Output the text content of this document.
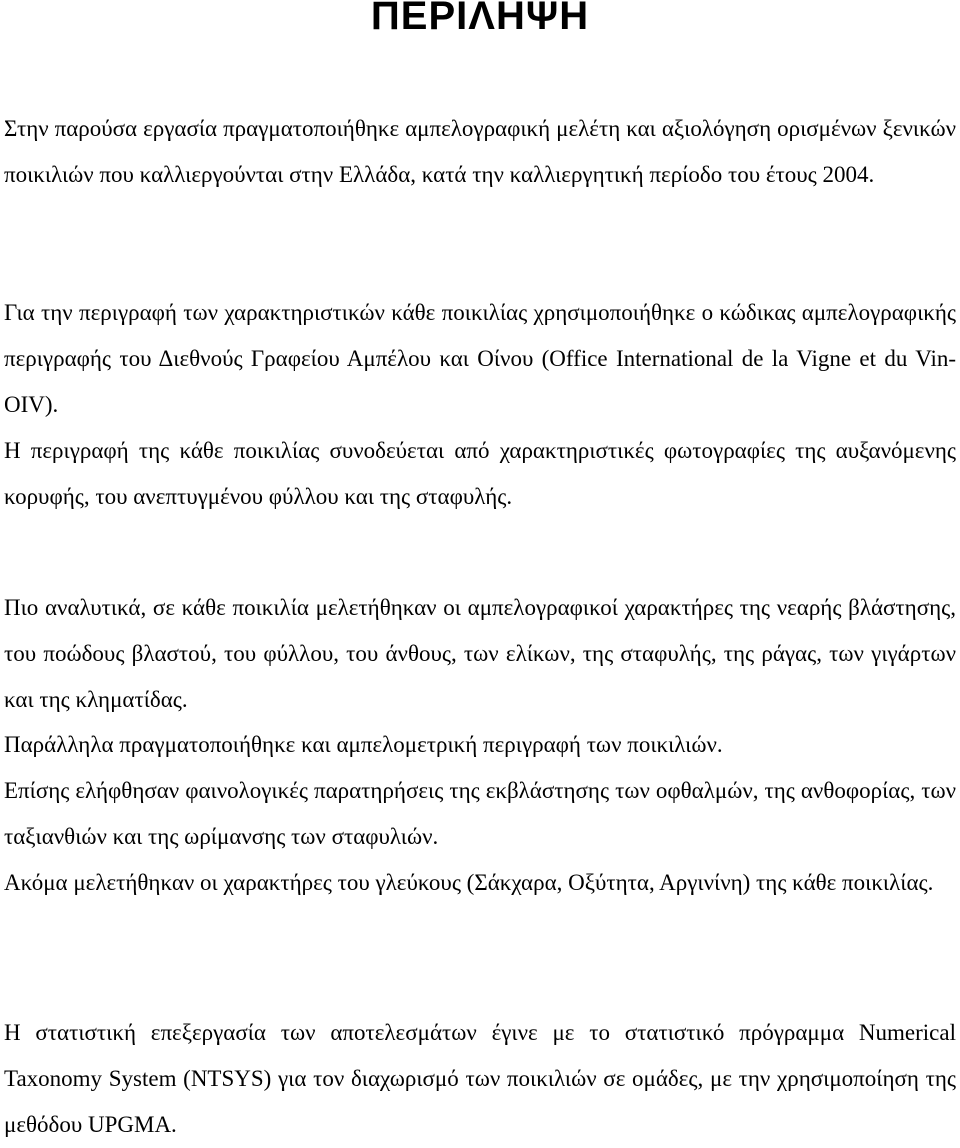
ΠΕΡΙΛΗΨΗ

Στην παρούσα εργασία πραγματοποιήθηκε αμπελογραφική μελέτη και αξιολόγηση ορισμένων ξενικών ποικιλιών που καλλιεργούνται στην Ελλάδα, κατά την καλλιεργητική περίοδο του έτους 2004.

Για την περιγραφή των χαρακτηριστικών κάθε ποικιλίας χρησιμοποιήθηκε ο κώδικας αμπελογραφικής περιγραφής του Διεθνούς Γραφείου Αμπέλου και Οίνου (Office International de la Vigne et du Vin- OIV).

Η περιγραφή της κάθε ποικιλίας συνοδεύεται από χαρακτηριστικές φωτογραφίες της αυξανόμενης κορυφής, του ανεπτυγμένου φύλλου και της σταφυλής.

Πιο αναλυτικά, σε κάθε ποικιλία μελετήθηκαν οι αμπελογραφικοί χαρακτήρες της νεαρής βλάστησης, του ποώδους βλαστού, του φύλλου, του άνθους, των ελίκων, της σταφυλής, της ράγας, των γιγάρτων και της κληματίδας.

Παράλληλα πραγματοποιήθηκε και αμπελομετρική περιγραφή των ποικιλιών.

Επίσης ελήφθησαν φαινολογικές παρατηρήσεις της εκβλάστησης των οφθαλμών, της ανθοφορίας, των ταξιανθιών και της ωρίμανσης των σταφυλιών.

Ακόμα μελετήθηκαν οι χαρακτήρες του γλεύκους (Σάκχαρα, Οξύτητα, Αργινίνη) της κάθε ποικιλίας.

Η στατιστική επεξεργασία των αποτελεσμάτων έγινε με το στατιστικό πρόγραμμα Numerical Taxonomy System (NTSYS) για τον διαχωρισμό των ποικιλιών σε ομάδες, με την χρησιμοποίηση της μεθόδου UPGMA.
